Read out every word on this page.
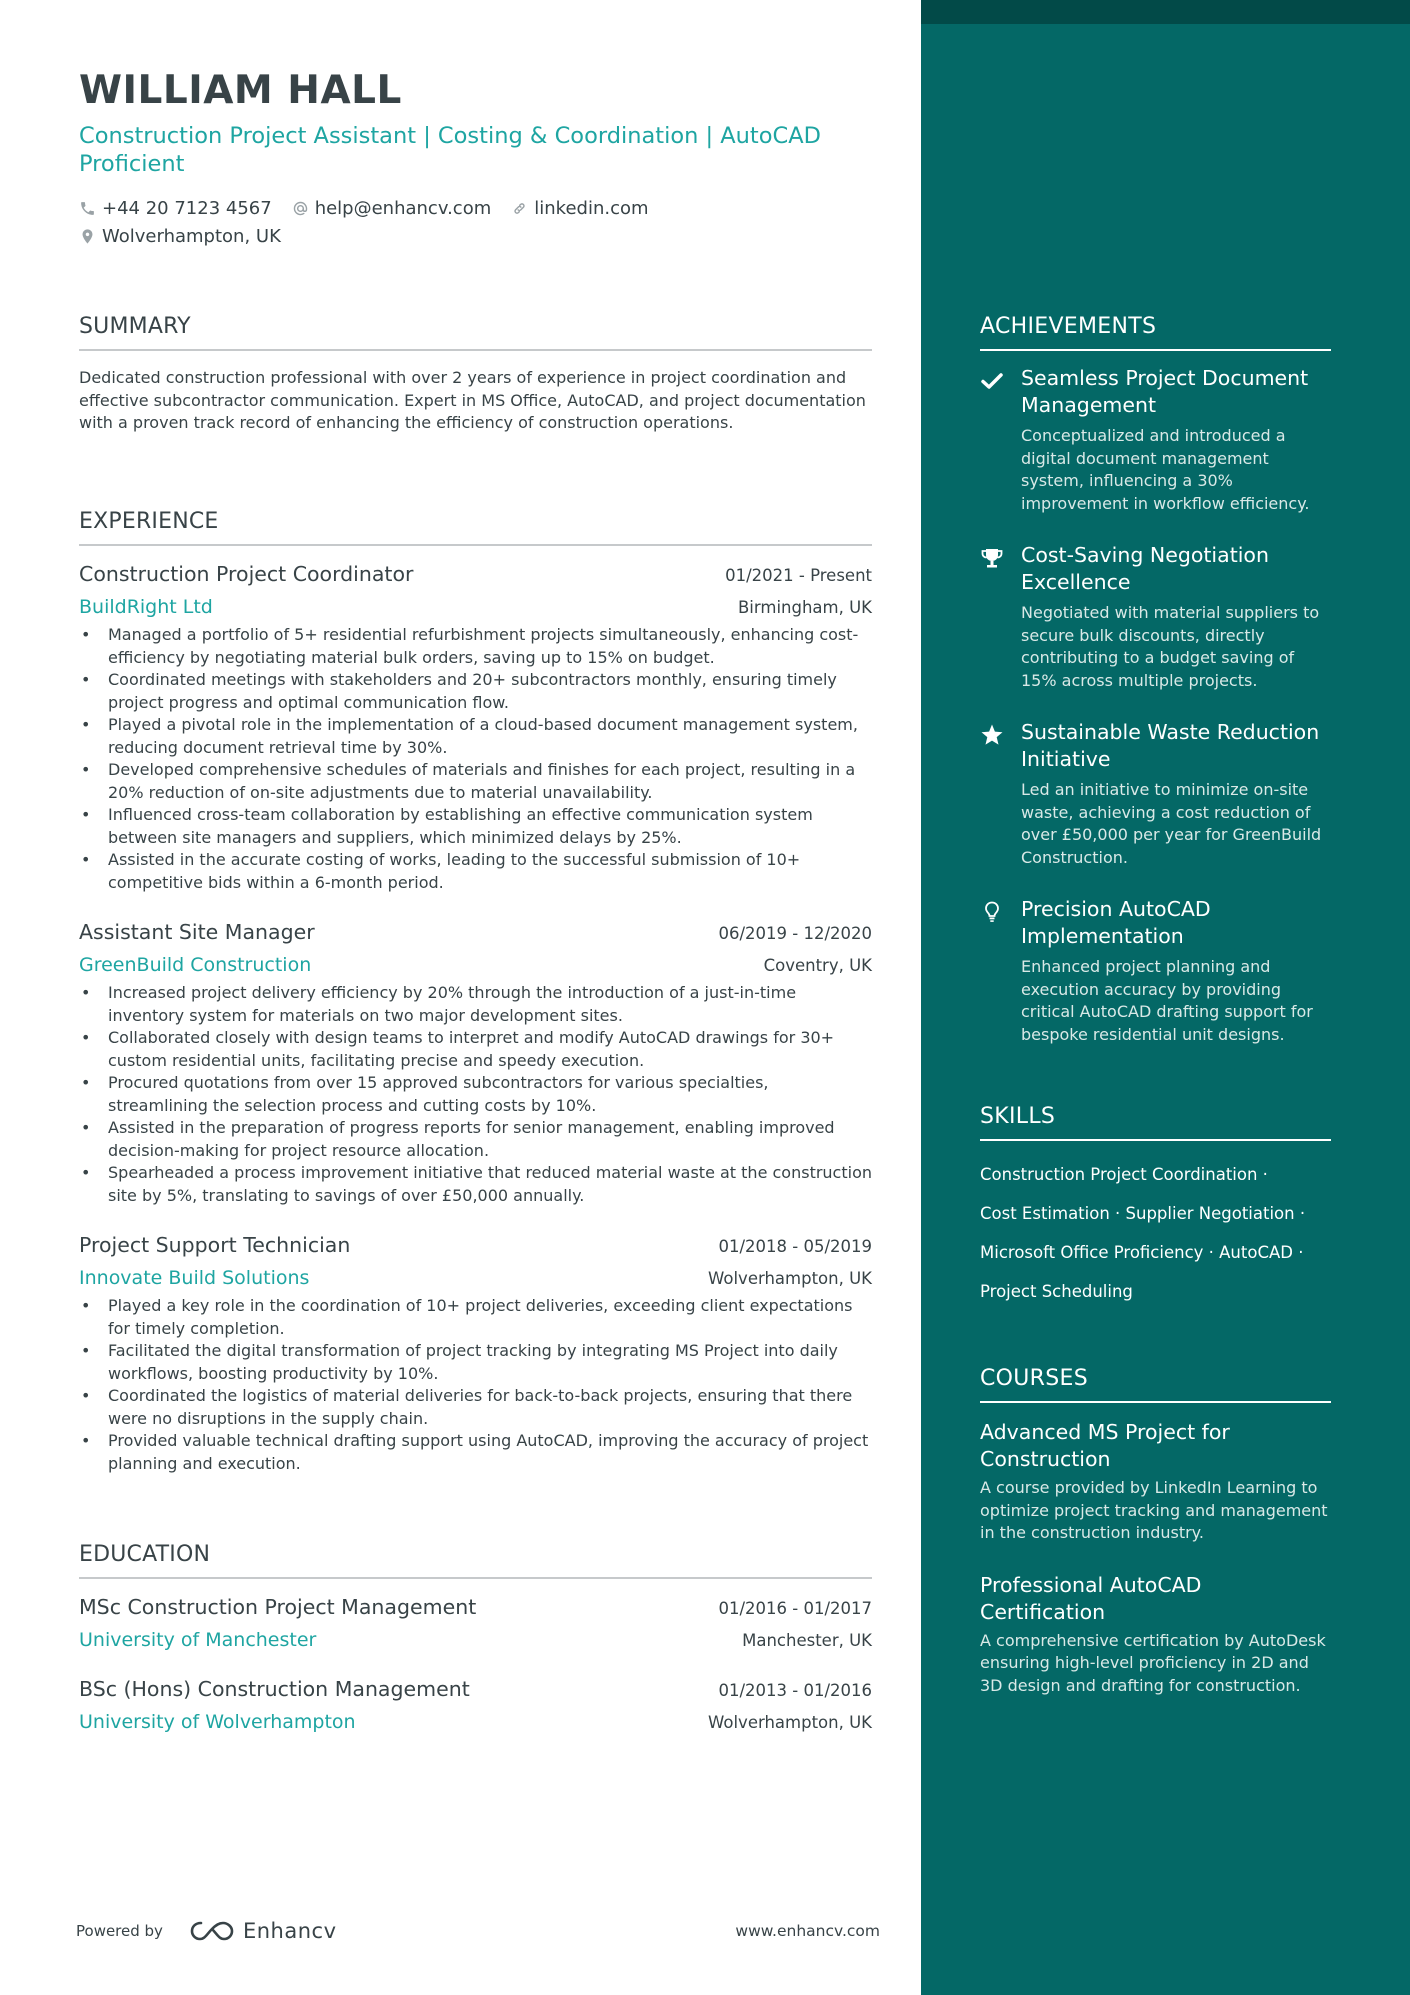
ACHIEVEMENTS
Seamless Project Document Management
Conceptualized and introduced a digital document management system, influencing a 30% improvement in workflow efficiency.
Cost-Saving Negotiation Excellence
Negotiated with material suppliers to secure bulk discounts, directly contributing to a budget saving of 15% across multiple projects.
Sustainable Waste Reduction Initiative
Led an initiative to minimize on-site waste, achieving a cost reduction of over £50,000 per year for GreenBuild Construction.
Precision AutoCAD Implementation
Enhanced project planning and execution accuracy by providing critical AutoCAD drafting support for bespoke residential unit designs.
SKILLS
Construction Project Coordination ·
Cost Estimation · Supplier Negotiation ·
Microsoft Office Proficiency · AutoCAD ·
Project Scheduling
COURSES
Advanced MS Project for Construction
A course provided by LinkedIn Learning to optimize project tracking and management in the construction industry.
Professional AutoCAD Certification
A comprehensive certification by AutoDesk ensuring high-level proficiency in 2D and 3D design and drafting for construction.
WILLIAM HALL
Construction Project Assistant | Costing & Coordination | AutoCAD Proficient
+44 20 7123 4567 help@enhancv.com linkedin.com
Wolverhampton, UK
SUMMARY
Dedicated construction professional with over 2 years of experience in project coordination and effective subcontractor communication. Expert in MS Office, AutoCAD, and project documentation with a proven track record of enhancing the efficiency of construction operations.
EXPERIENCE
Construction Project Coordinator	01/2021 - Present
BuildRight Ltd	Birmingham, UK
• Managed a portfolio of 5+ residential refurbishment projects simultaneously, enhancing cost-efficiency by negotiating material bulk orders, saving up to 15% on budget.
• Coordinated meetings with stakeholders and 20+ subcontractors monthly, ensuring timely project progress and optimal communication flow.
• Played a pivotal role in the implementation of a cloud-based document management system, reducing document retrieval time by 30%.
• Developed comprehensive schedules of materials and finishes for each project, resulting in a 20% reduction of on-site adjustments due to material unavailability.
• Influenced cross-team collaboration by establishing an effective communication system between site managers and suppliers, which minimized delays by 25%.
• Assisted in the accurate costing of works, leading to the successful submission of 10+ competitive bids within a 6-month period.
Assistant Site Manager	06/2019 - 12/2020
GreenBuild Construction	Coventry, UK
• Increased project delivery efficiency by 20% through the introduction of a just-in-time inventory system for materials on two major development sites.
• Collaborated closely with design teams to interpret and modify AutoCAD drawings for 30+ custom residential units, facilitating precise and speedy execution.
• Procured quotations from over 15 approved subcontractors for various specialties, streamlining the selection process and cutting costs by 10%.
• Assisted in the preparation of progress reports for senior management, enabling improved decision-making for project resource allocation.
• Spearheaded a process improvement initiative that reduced material waste at the construction site by 5%, translating to savings of over £50,000 annually.
Project Support Technician	01/2018 - 05/2019
Innovate Build Solutions	Wolverhampton, UK
• Played a key role in the coordination of 10+ project deliveries, exceeding client expectations for timely completion.
• Facilitated the digital transformation of project tracking by integrating MS Project into daily workflows, boosting productivity by 10%.
• Coordinated the logistics of material deliveries for back-to-back projects, ensuring that there were no disruptions in the supply chain.
• Provided valuable technical drafting support using AutoCAD, improving the accuracy of project planning and execution.
EDUCATION
MSc Construction Project Management	01/2016 - 01/2017
University of Manchester	Manchester, UK
BSc (Hons) Construction Management	01/2013 - 01/2016
University of Wolverhampton	Wolverhampton, UK
Powered by	Enhancv	www.enhancv.com
